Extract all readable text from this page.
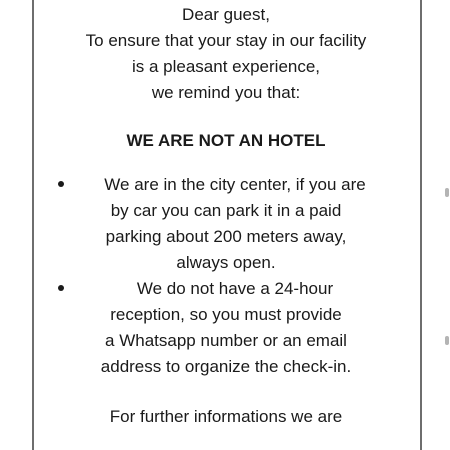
Dear guest,
To ensure that your stay in our facility
is a pleasant experience,
we remind you that:
WE ARE NOT AN HOTEL
We are in the city center, if you are
by car you can park it in a paid
parking about 200 meters away,
always open.
We do not have a 24-hour
reception, so you must provide
a Whatsapp number or an email
address to organize the check-in.
For further informations we are
